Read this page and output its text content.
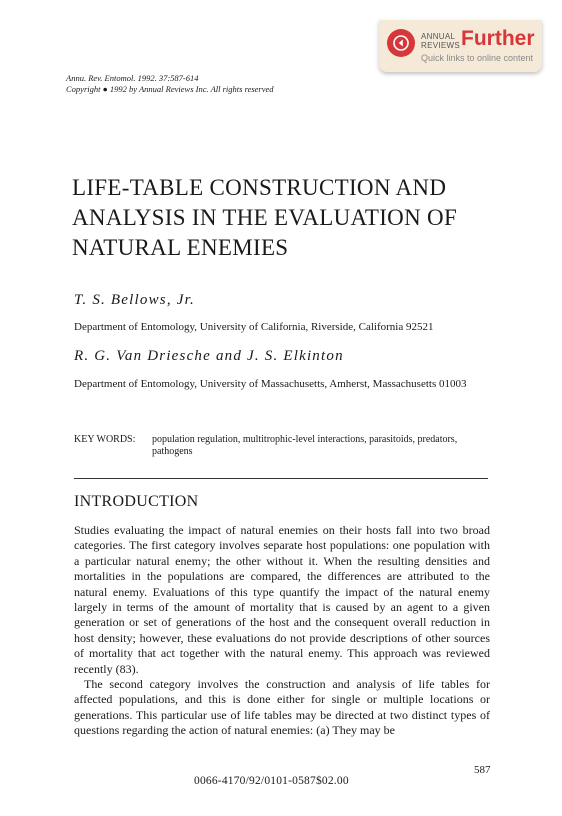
ANNUAL
REVIEWS Further
Quick links to online content
Annu. Rev. Entomol. 1992. 37:587-614
Copyright ● 1992 by Annual Reviews Inc. All rights reserved
LIFE-TABLE CONSTRUCTION AND
ANALYSIS IN THE EVALUATION OF
NATURAL ENEMIES
T. S. Bellows, Jr.
Department of Entomology, University of California, Riverside, California 92521
R. G. Van Driesche and J. S. Elkinton
Department of Entomology, University of Massachusetts, Amherst, Massachusetts 01003
KEY WORDS: population regulation, multitrophic-level interactions, parasitoids, predators, pathogens
INTRODUCTION

Studies evaluating the impact of natural enemies on their hosts fall into two broad categories. The first category involves separate host populations: one population with a particular natural enemy; the other without it. When the resulting densities and mortalities in the populations are compared, the differences are attributed to the natural enemy. Evaluations of this type quantify the impact of the natural enemy largely in terms of the amount of mortality that is caused by an agent to a given generation or set of generations of the host and the consequent overall reduction in host density; however, these evaluations do not provide descriptions of other sources of mortality that act together with the natural enemy. This approach was reviewed recently (83).

The second category involves the construction and analysis of life tables for affected populations, and this is done either for single or multiple locations or generations. This particular use of life tables may be directed at two distinct types of questions regarding the action of natural enemies: (a) They may be

587
0066-4170/92/0101-0587$02.00
